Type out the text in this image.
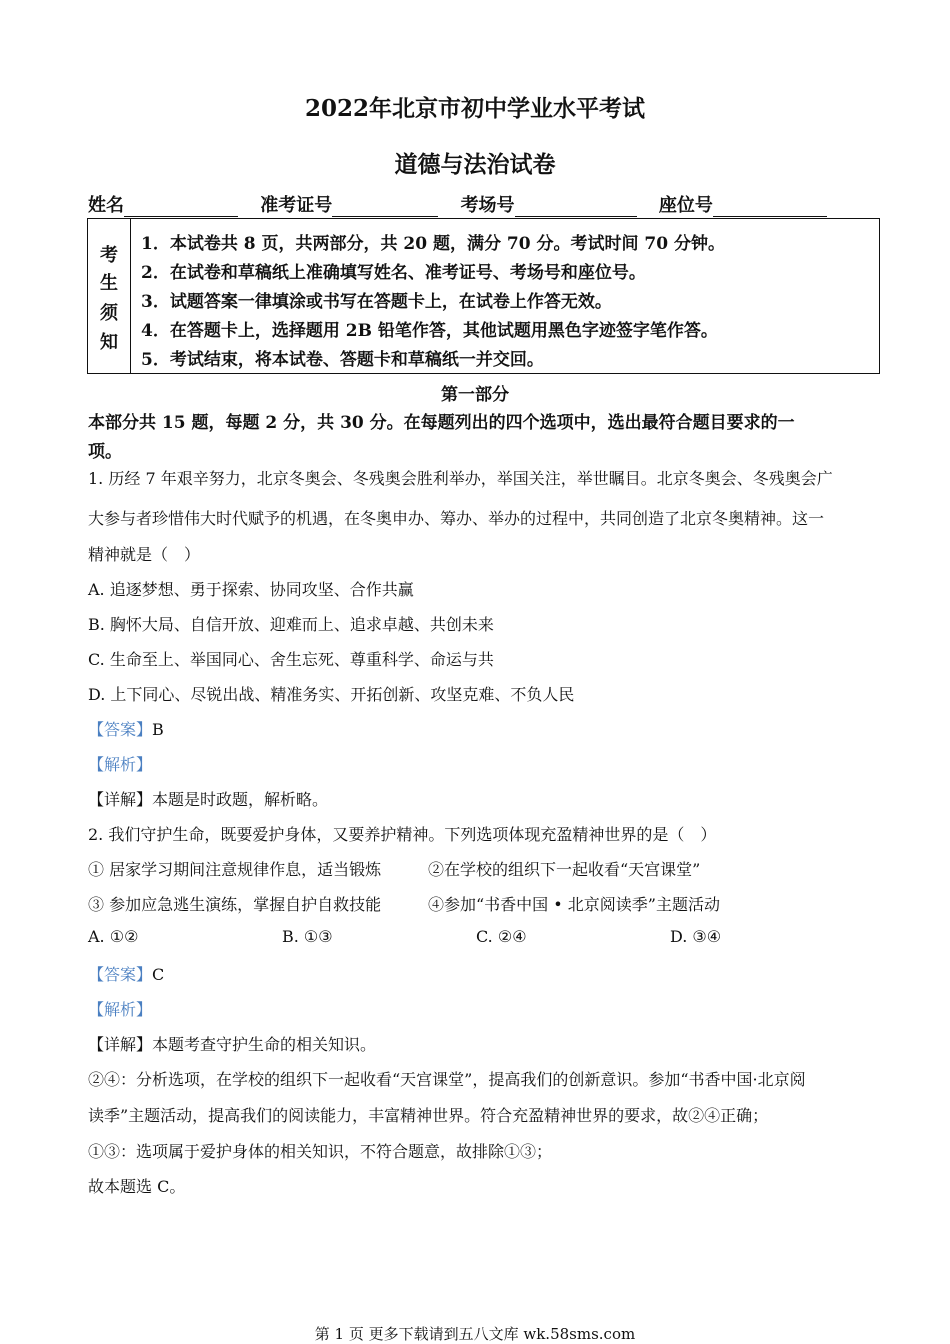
2022年北京市初中学业水平考试
道德与法治试卷
姓名	准考证号	考场号	座位号
考
生
须
知
1．本试卷共 8 页，共两部分，共 20 题，满分 70 分。考试时间 70 分钟。
2．在试卷和草稿纸上准确填写姓名、准考证号、考场号和座位号。
3．试题答案一律填涂或书写在答题卡上，在试卷上作答无效。
4．在答题卡上，选择题用 2B 铅笔作答，其他试题用黑色字迹签字笔作答。
5．考试结束，将本试卷、答题卡和草稿纸一并交回。
第一部分
本部分共 15 题，每题 2 分，共 30 分。在每题列出的四个选项中，选出最符合题目要求的一
项。
1. 历经 7 年艰辛努力，北京冬奥会、冬残奥会胜利举办，举国关注，举世瞩目。北京冬奥会、冬残奥会广
大参与者珍惜伟大时代赋予的机遇，在冬奥申办、筹办、举办的过程中，共同创造了北京冬奥精神。这一
精神就是（　）
A. 追逐梦想、勇于探索、协同攻坚、合作共赢
B. 胸怀大局、自信开放、迎难而上、追求卓越、共创未来
C. 生命至上、举国同心、舍生忘死、尊重科学、命运与共
D. 上下同心、尽锐出战、精准务实、开拓创新、攻坚克难、不负人民
【答案】B
【解析】
【详解】本题是时政题，解析略。
2. 我们守护生命，既要爱护身体，又要养护精神。下列选项体现充盈精神世界的是（　）
① 居家学习期间注意规律作息，适当锻炼	②在学校的组织下一起收看“天宫课堂”
③ 参加应急逃生演练，掌握自护自救技能	④参加“书香中国 • 北京阅读季”主题活动
A. ①②	B. ①③	C. ②④	D. ③④
【答案】C
【解析】
【详解】本题考查守护生命的相关知识。
②④：分析选项，在学校的组织下一起收看“天宫课堂”，提高我们的创新意识。参加“书香中国·北京阅
读季”主题活动，提高我们的阅读能力，丰富精神世界。符合充盈精神世界的要求，故②④正确；
①③：选项属于爱护身体的相关知识，不符合题意，故排除①③；
故本题选 C。
第 1 页 更多下载请到五八文库 wk.58sms.com
